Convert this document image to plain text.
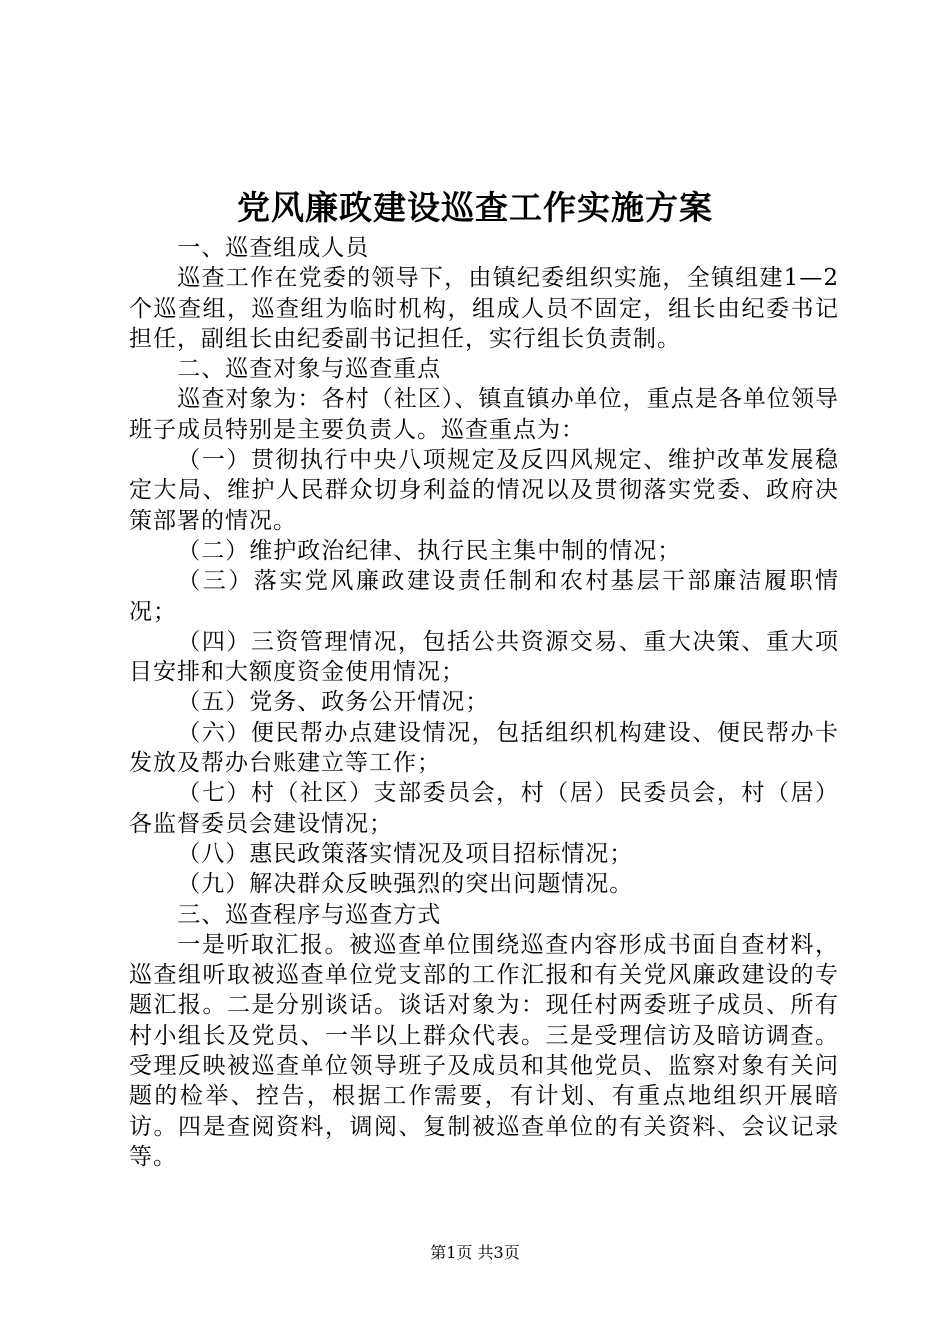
党风廉政建设巡查工作实施方案

一、巡查组成人员

巡查工作在党委的领导下，由镇纪委组织实施，全镇组建1—2个巡查组，巡查组为临时机构，组成人员不固定，组长由纪委书记担任，副组长由纪委副书记担任，实行组长负责制。

二、巡查对象与巡查重点

巡查对象为：各村（社区）、镇直镇办单位，重点是各单位领导班子成员特别是主要负责人。巡查重点为：

（一）贯彻执行中央八项规定及反四风规定、维护改革发展稳定大局、维护人民群众切身利益的情况以及贯彻落实党委、政府决策部署的情况。

（二）维护政治纪律、执行民主集中制的情况；

（三）落实党风廉政建设责任制和农村基层干部廉洁履职情况；

（四）三资管理情况，包括公共资源交易、重大决策、重大项目安排和大额度资金使用情况；

（五）党务、政务公开情况；

（六）便民帮办点建设情况，包括组织机构建设、便民帮办卡发放及帮办台账建立等工作；

（七）村（社区）支部委员会，村（居）民委员会，村（居）各监督委员会建设情况；

（八）惠民政策落实情况及项目招标情况；

（九）解决群众反映强烈的突出问题情况。

三、巡查程序与巡查方式

一是听取汇报。被巡查单位围绕巡查内容形成书面自查材料，巡查组听取被巡查单位党支部的工作汇报和有关党风廉政建设的专题汇报。二是分别谈话。谈话对象为：现任村两委班子成员、所有村小组长及党员、一半以上群众代表。三是受理信访及暗访调查。受理反映被巡查单位领导班子及成员和其他党员、监察对象有关问题的检举、控告，根据工作需要，有计划、有重点地组织开展暗访。四是查阅资料，调阅、复制被巡查单位的有关资料、会议记录等。

第1页 共3页
